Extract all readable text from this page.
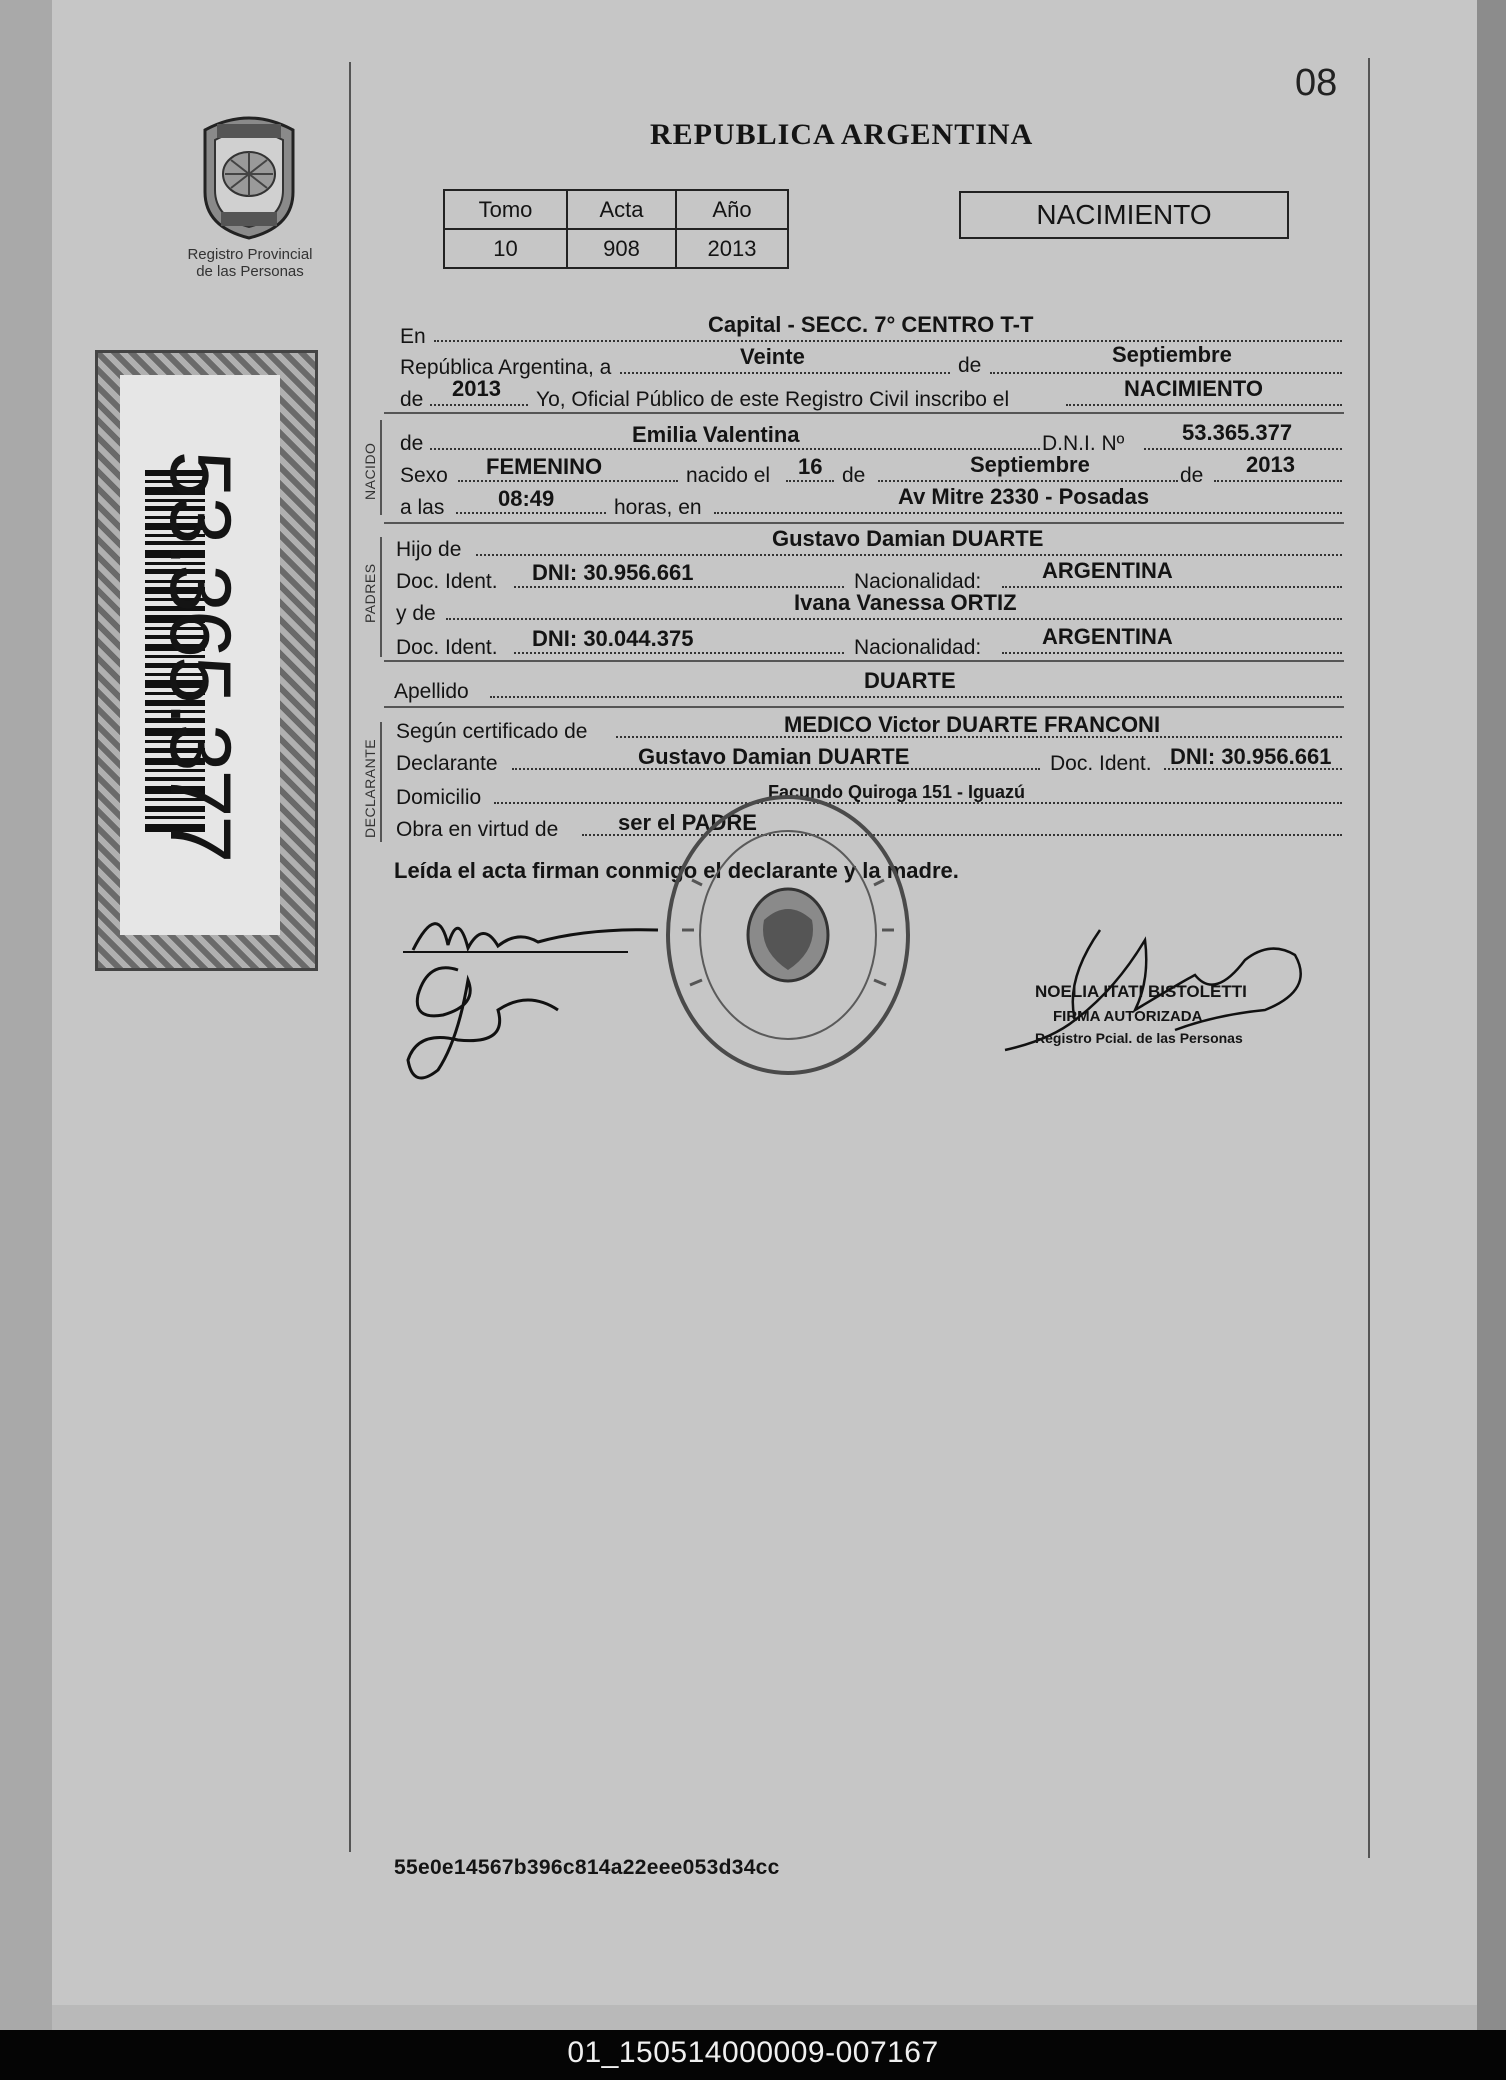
08
REPUBLICA ARGENTINA
Registro Provincial
de las Personas
Tomo	Acta	Año
10	908	2013
NACIMIENTO
53.365.377	NACIDO
PADRES
DECLARANTE
En	Capital - SECC. 7° CENTRO T-T
República Argentina, a	Veinte	de	Septiembre
de 2013 Yo, Oficial Público de este Registro Civil inscribo el	NACIMIENTO
de	Emilia Valentina	D.N.I. Nº	53.365.377
Sexo FEMENINO	nacido el 16 de	Septiembre	de 2013
a las 08:49	horas, en	Av Mitre 2330 - Posadas
Hijo de	Gustavo Damian DUARTE
Doc. Ident. DNI: 30.956.661	Nacionalidad:	ARGENTINA
y de	Ivana Vanessa ORTIZ
Doc. Ident. DNI: 30.044.375	Nacionalidad:	ARGENTINA
Apellido	DUARTE
Según certificado de	MEDICO Victor DUARTE FRANCONI
Declarante	Gustavo Damian DUARTE	Doc. Ident. DNI: 30.956.661
Domicilio	Facundo Quiroga 151 - Iguazú
Obra en virtud de	ser el PADRE
Leída el acta firman conmigo el declarante y la madre.
NOELIA ITATI BISTOLETTI
FIRMA AUTORIZADA
Registro Pcial. de las Personas
55e0e14567b396c814a22eee053d34cc
01_150514000009-007167
